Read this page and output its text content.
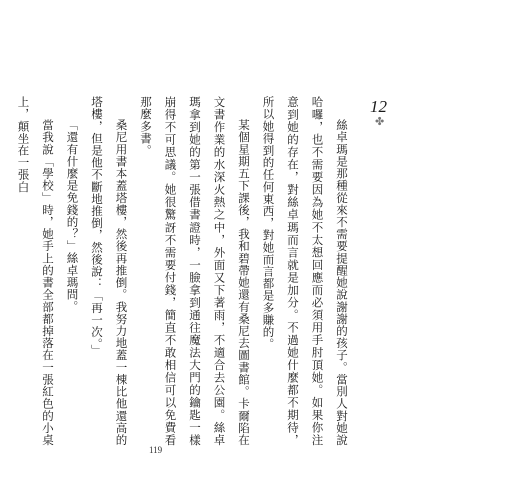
12
✤

絲卓瑪是那種從來不需要提醒她說謝謝的孩子。當別人對她說哈囉，也不需要因為她不太想回應而必須用手肘頂她。如果你注意到她的存在，對絲卓瑪而言就是加分。不過她什麼都不期待，所以她得到的任何東西，對她而言都是多賺的。

某個星期五下課後，我和碧帶她還有桑尼去圖書館。卡爾陷在文書作業的水深火熱之中，外面又下著雨，不適合去公園。絲卓瑪拿到她的第一張借書證時，一臉拿到通往魔法大門的鑰匙一樣崩得不可思議。她很驚訝不需要付錢，簡直不敢相信可以免費看那麼多書。

桑尼用書本蓋塔樓，然後再推倒。我努力地蓋一棟比他還高的塔樓，但是他不斷地推倒，然後說：「再一次。」

「還有什麼是免錢的？」絲卓瑪問。

當我說「學校」時，她手上的書全部都掉落在一張紅色的小桌上，顛坐在一張白

119
